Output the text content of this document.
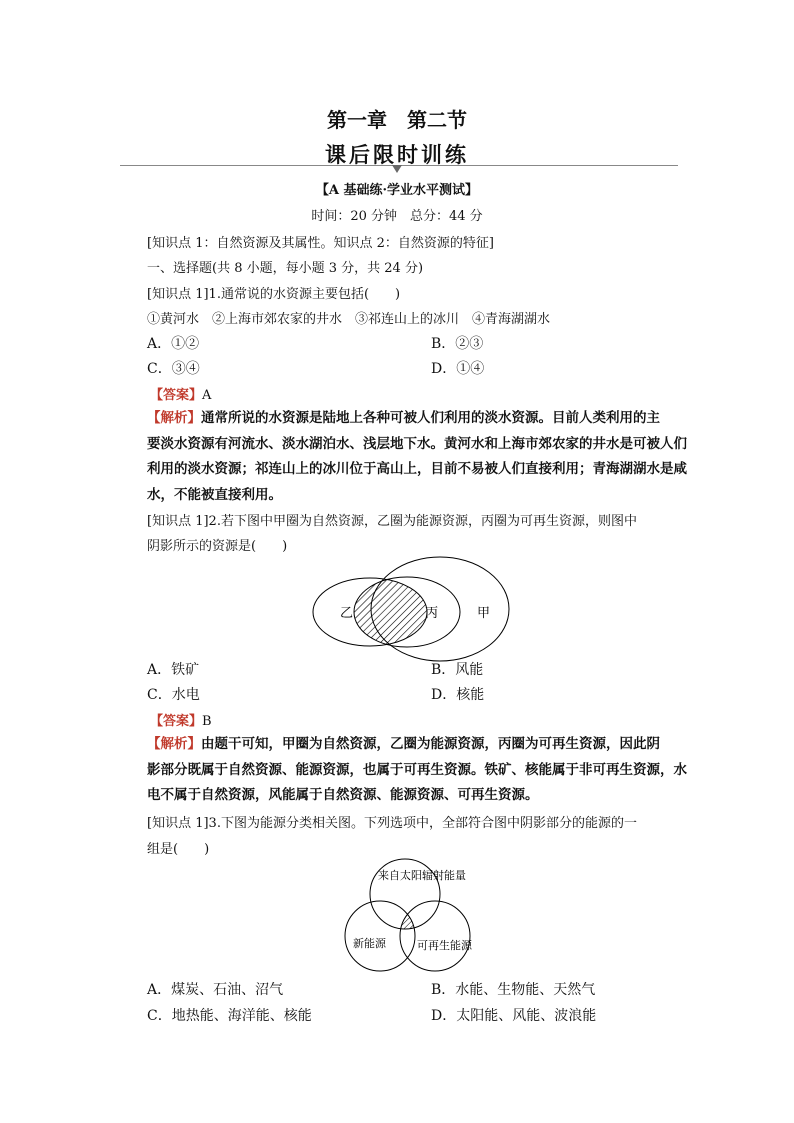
第一章　第二节
课后限时训练
【A 基础练·学业水平测试】
时间：20 分钟　总分：44 分
[知识点 1：自然资源及其属性。知识点 2：自然资源的特征]
一、选择题(共 8 小题，每小题 3 分，共 24 分)
[知识点 1]1.通常说的水资源主要包括(　　)
①黄河水　②上海市郊农家的井水　③祁连山上的冰川　④青海湖湖水
A．①②	B．②③
C．③④	D．①④
【答案】A
【解析】通常所说的水资源是陆地上各种可被人们利用的淡水资源。目前人类利用的主
要淡水资源有河流水、淡水湖泊水、浅层地下水。黄河水和上海市郊农家的井水是可被人们
利用的淡水资源；祁连山上的冰川位于高山上，目前不易被人们直接利用；青海湖湖水是咸
水，不能被直接利用。
[知识点 1]2.若下图中甲圈为自然资源，乙圈为能源资源，丙圈为可再生资源，则图中
阴影所示的资源是(　　)
乙	丙	甲
A．铁矿	B．风能
C．水电	D．核能
【答案】B
【解析】由题干可知，甲圈为自然资源，乙圈为能源资源，丙圈为可再生资源，因此阴
影部分既属于自然资源、能源资源，也属于可再生资源。铁矿、核能属于非可再生资源，水
电不属于自然资源，风能属于自然资源、能源资源、可再生资源。
[知识点 1]3.下图为能源分类相关图。下列选项中，全部符合图中阴影部分的能源的一
组是(　　)
来自太阳辐射能量
新能源	可再生能源
A．煤炭、石油、沼气	B．水能、生物能、天然气
C．地热能、海洋能、核能	D．太阳能、风能、波浪能
